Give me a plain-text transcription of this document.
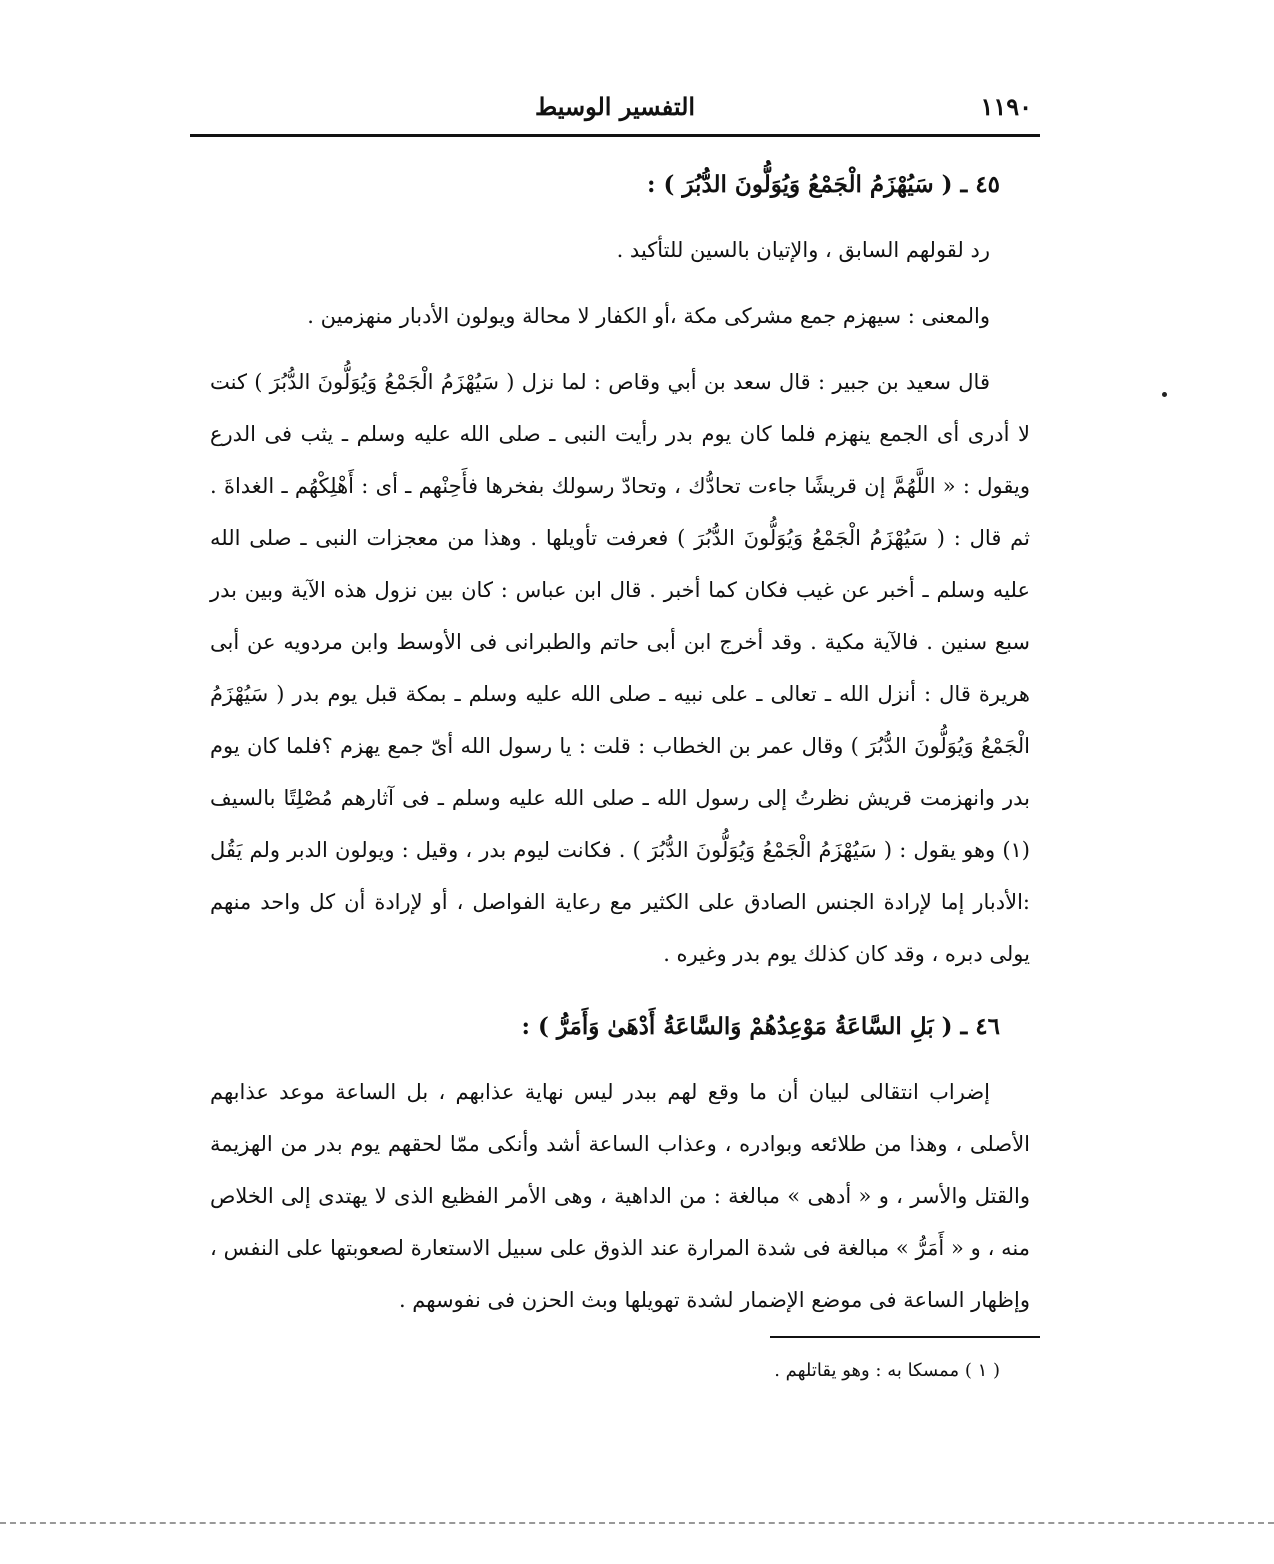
التفسير الوسيط	١١٩٠

٤٥ ـ ( سَيُهْزَمُ الْجَمْعُ وَيُوَلُّونَ الدُّبُرَ ) :

رد لقولهم السابق ، والإتيان بالسين للتأكيد .

والمعنى : سيهزم جمع مشركى مكة ،أو الكفار لا محالة ويولون الأدبار منهزمين .

قال سعيد بن جبير : قال سعد بن أبي وقاص : لما نزل ( سَيُهْزَمُ الْجَمْعُ وَيُوَلُّونَ الدُّبُرَ ) كنت لا أدرى أى الجمع ينهزم فلما كان يوم بدر رأيت النبى ـ صلى الله عليه وسلم ـ يثب فى الدرع ويقول : « اللَّهُمَّ إن قريشًا جاءت تحادُّك ، وتحادّ رسولك بفخرها فأَحِنْهم ـ أى : أَهْلِكْهُم ـ الغداةَ . ثم قال : ( سَيُهْزَمُ الْجَمْعُ وَيُوَلُّونَ الدُّبُرَ ) فعرفت تأويلها . وهذا من معجزات النبى ـ صلى الله عليه وسلم ـ أخبر عن غيب فكان كما أخبر . قال ابن عباس : كان بين نزول هذه الآية وبين بدر سبع سنين . فالآية مكية . وقد أخرج ابن أبى حاتم والطبرانى فى الأوسط وابن مردويه عن أبى هريرة قال : أنزل الله ـ تعالى ـ على نبيه ـ صلى الله عليه وسلم ـ بمكة قبل يوم بدر ( سَيُهْزَمُ الْجَمْعُ وَيُوَلُّونَ الدُّبُرَ ) وقال عمر بن الخطاب : قلت : يا رسول الله أىّ جمع يهزم ؟فلما كان يوم بدر وانهزمت قريش نظرتُ إلى رسول الله ـ صلى الله عليه وسلم ـ فى آثارهم مُصْلِتًا بالسيف (١) وهو يقول : ( سَيُهْزَمُ الْجَمْعُ وَيُوَلُّونَ الدُّبُرَ ) . فكانت ليوم بدر ، وقيل : ويولون الدبر ولم يَقُل :الأدبار إما لإرادة الجنس الصادق على الكثير مع رعاية الفواصل ، أو لإرادة أن كل واحد منهم يولى دبره ، وقد كان كذلك يوم بدر وغيره .

٤٦ ـ ( بَلِ السَّاعَةُ مَوْعِدُهُمْ وَالسَّاعَةُ أَدْهَىٰ وَأَمَرُّ ) :

إضراب انتقالى لبيان أن ما وقع لهم ببدر ليس نهاية عذابهم ، بل الساعة موعد عذابهم الأصلى ، وهذا من طلائعه وبوادره ، وعذاب الساعة أشد وأنكى ممّا لحقهم يوم بدر من الهزيمة والقتل والأسر ، و « أدهى » مبالغة : من الداهية ، وهى الأمر الفظيع الذى لا يهتدى إلى الخلاص منه ، و « أَمَرُّ » مبالغة فى شدة المرارة عند الذوق على سبيل الاستعارة لصعوبتها على النفس ، وإظهار الساعة فى موضع الإضمار لشدة تهويلها وبث الحزن فى نفوسهم .

( ١ ) ممسكا به : وهو يقاتلهم .
